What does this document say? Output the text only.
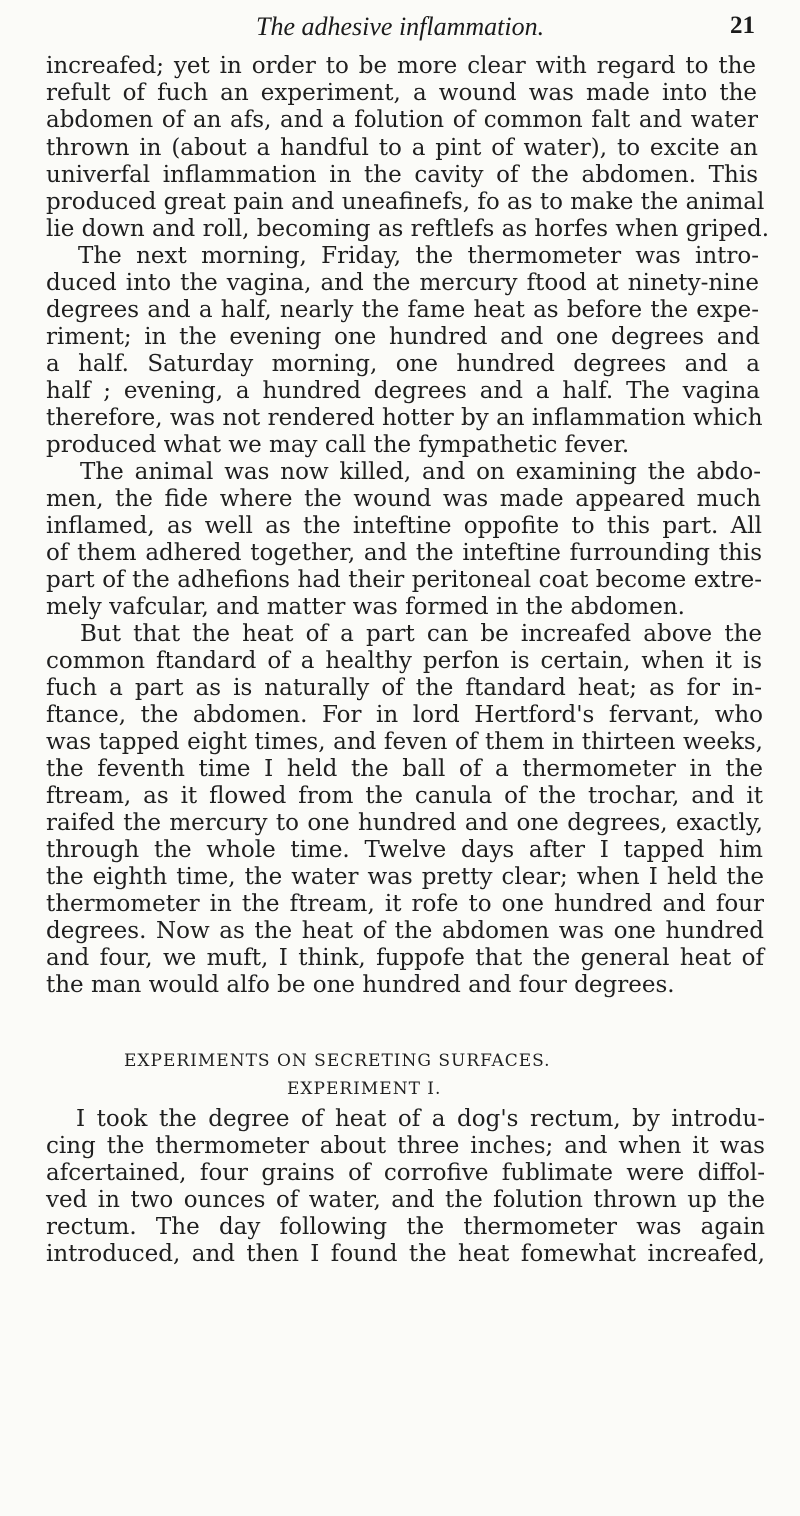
The adhesive inflammation.	21
increafed; yet in order to be more clear with regard to the
refult of fuch an experiment, a wound was made into the
abdomen of an afs, and a folution of common falt and water
thrown in (about a handful to a pint of water), to excite an
univerfal inflammation in the cavity of the abdomen. This
produced great pain and uneafinefs, fo as to make the animal
lie down and roll, becoming as reftlefs as horfes when griped.
The next morning, Friday, the thermometer was intro-
duced into the vagina, and the mercury ftood at ninety-nine
degrees and a half, nearly the fame heat as before the expe-
riment; in the evening one hundred and one degrees and
a half. Saturday morning, one hundred degrees and a
half ; evening, a hundred degrees and a half. The vagina
therefore, was not rendered hotter by an inflammation which
produced what we may call the fympathetic fever.
The animal was now killed, and on examining the abdo-
men, the fide where the wound was made appeared much
inflamed, as well as the inteftine oppofite to this part. All
of them adhered together, and the inteftine furrounding this
part of the adhefions had their peritoneal coat become extre-
mely vafcular, and matter was formed in the abdomen.
But that the heat of a part can be increafed above the
common ftandard of a healthy perfon is certain, when it is
fuch a part as is naturally of the ftandard heat; as for in-
ftance, the abdomen. For in lord Hertford's fervant, who
was tapped eight times, and feven of them in thirteen weeks,
the feventh time I held the ball of a thermometer in the
ftream, as it flowed from the canula of the trochar, and it
raifed the mercury to one hundred and one degrees, exactly,
through the whole time. Twelve days after I tapped him
the eighth time, the water was pretty clear; when I held the
thermometer in the ftream, it rofe to one hundred and four
degrees. Now as the heat of the abdomen was one hundred
and four, we muft, I think, fuppofe that the general heat of
the man would alfo be one hundred and four degrees.
EXPERIMENTS ON SECRETING SURFACES.
EXPERIMENT I.
I took the degree of heat of a dog's rectum, by introdu-
cing the thermometer about three inches; and when it was
afcertained, four grains of corrofive fublimate were diffol-
ved in two ounces of water, and the folution thrown up the
rectum. The day following the thermometer was again
introduced, and then I found the heat fomewhat increafed,
